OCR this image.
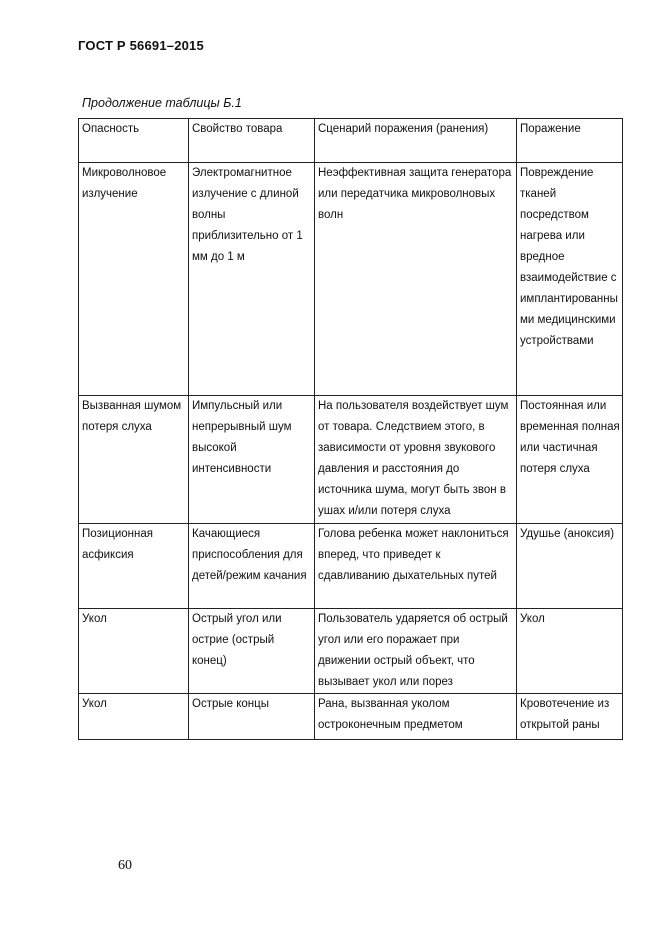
ГОСТ Р 56691–2015
Продолжение таблицы Б.1
Опасность	Свойство товара	Сценарий поражения (ранения)	Поражение
Микроволновое излучение	Электромагнитное излучение с длиной волны приблизительно от 1 мм до 1 м	Неэффективная защита генератора или передатчика микроволновых волн	Повреждение тканей посредством нагрева или вредное взаимодействие с имплантированными медицинскими устройствами
Вызванная шумом потеря слуха	Импульсный или непрерывный шум высокой интенсивности	На пользователя воздействует шум от товара. Следствием этого, в зависимости от уровня звукового давления и расстояния до источника шума, могут быть звон в ушах и/или потеря слуха	Постоянная или временная полная или частичная потеря слуха
Позиционная асфиксия	Качающиеся приспособления для детей/режим качания	Голова ребенка может наклониться вперед, что приведет к сдавливанию дыхательных путей	Удушье (аноксия)
Укол	Острый угол или острие (острый конец)	Пользователь ударяется об острый угол или его поражает при движении острый объект, что вызывает укол или порез	Укол
Укол	Острые концы	Рана, вызванная уколом остроконечным предметом	Кровотечение из открытой раны
60
